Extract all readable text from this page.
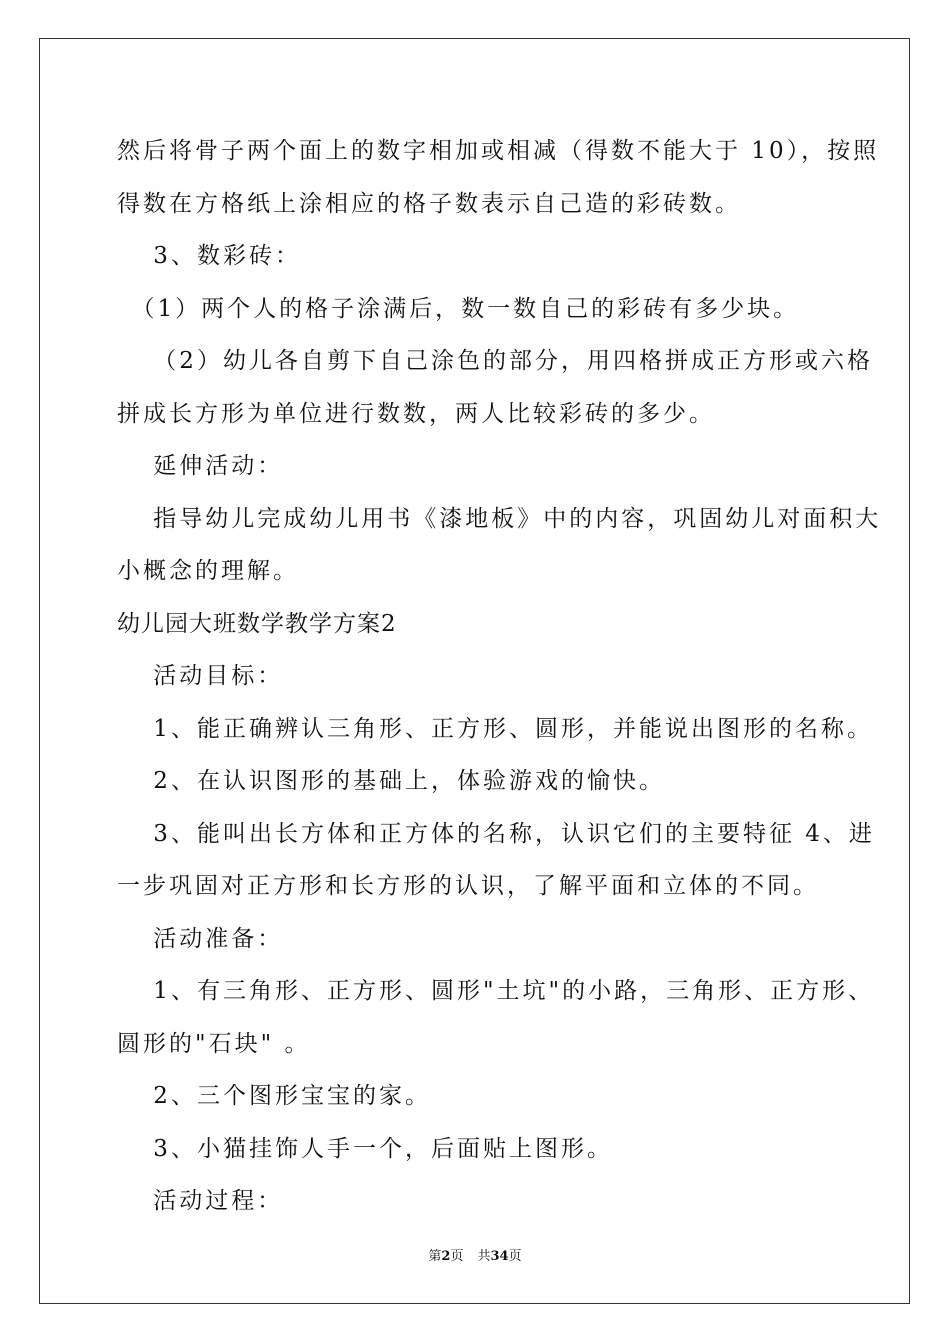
然后将骨子两个面上的数字相加或相减（得数不能大于 10），按照
得数在方格纸上涂相应的格子数表示自己造的彩砖数。
　 3、数彩砖：
　（1）两个人的格子涂满后，数一数自己的彩砖有多少块。
　 （2）幼儿各自剪下自己涂色的部分，用四格拼成正方形或六格
拼成长方形为单位进行数数，两人比较彩砖的多少。
　 延伸活动：
　 指导幼儿完成幼儿用书《漆地板》中的内容，巩固幼儿对面积大
小概念的理解。
幼儿园大班数学教学方案2
　 活动目标：
　 1、能正确辨认三角形、正方形、圆形，并能说出图形的名称。
　 2、在认识图形的基础上，体验游戏的愉快。
　 3、能叫出长方体和正方体的名称，认识它们的主要特征 4、进
一步巩固对正方形和长方形的认识，了解平面和立体的不同。
　 活动准备：
　 1、有三角形、正方形、圆形"土坑"的小路，三角形、正方形、
圆形的"石块" 。
　 2、三个图形宝宝的家。
　 3、小猫挂饰人手一个，后面贴上图形。
　 活动过程：
第2页 共34页
